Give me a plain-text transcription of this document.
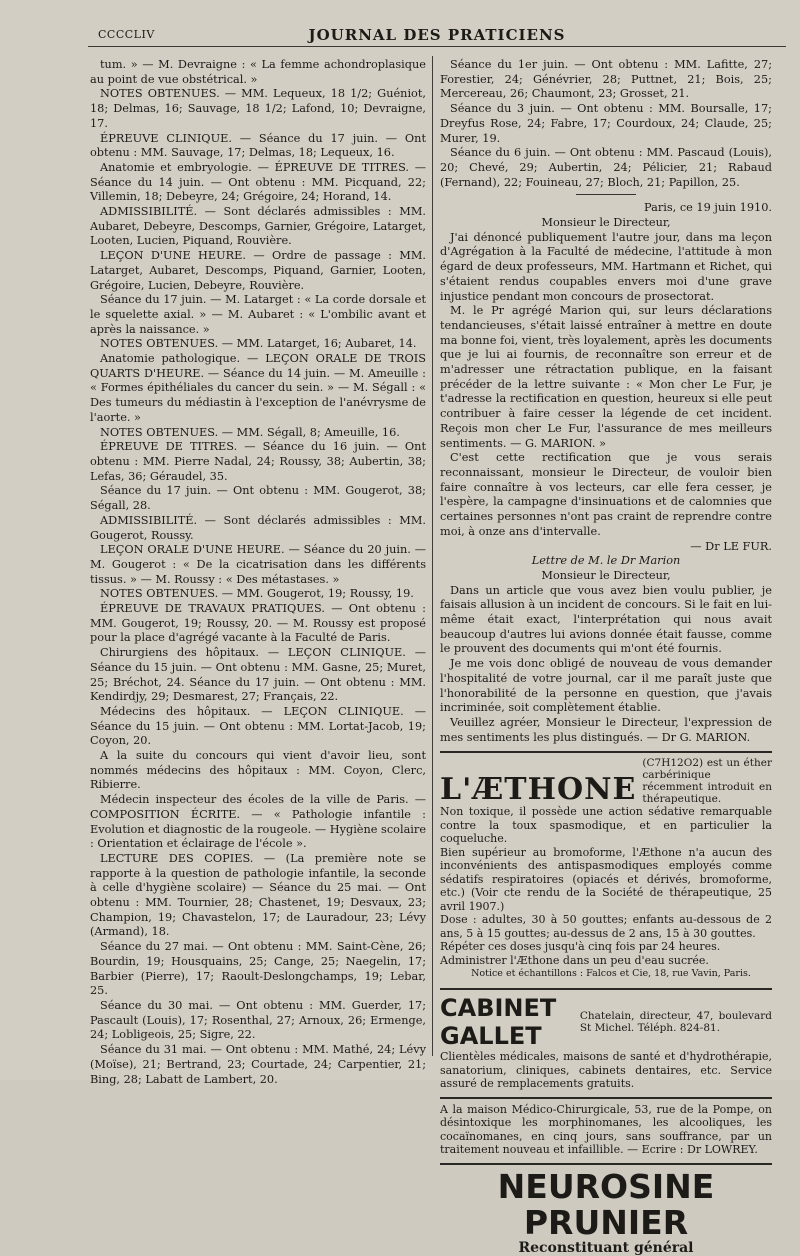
CCCCLIV	JOURNAL DES PRATICIENS

tum. » — M. Devraigne : « La femme achondroplasique au point de vue obstétrical. »

NOTES OBTENUES. — MM. Lequeux, 18 1/2; Guéniot, 18; Delmas, 16; Sauvage, 18 1/2; Lafond, 10; Devraigne, 17.

ÉPREUVE CLINIQUE. — Séance du 17 juin. — Ont obtenu : MM. Sauvage, 17; Delmas, 18; Lequeux, 16.

Anatomie et embryologie. — ÉPREUVE DE TITRES. — Séance du 14 juin. — Ont obtenu : MM. Picquand, 22; Villemin, 18; Debeyre, 24; Grégoire, 24; Horand, 14.

ADMISSIBILITÉ. — Sont déclarés admissibles : MM. Aubaret, Debeyre, Descomps, Garnier, Grégoire, Latarget, Looten, Lucien, Piquand, Rouvière.

LEÇON D'UNE HEURE. — Ordre de passage : MM. Latarget, Aubaret, Descomps, Piquand, Garnier, Looten, Grégoire, Lucien, Debeyre, Rouvière.

Séance du 17 juin. — M. Latarget : « La corde dorsale et le squelette axial. » — M. Aubaret : « L'ombilic avant et après la naissance. »

NOTES OBTENUES. — MM. Latarget, 16; Aubaret, 14.

Anatomie pathologique. — LEÇON ORALE DE TROIS QUARTS D'HEURE. — Séance du 14 juin. — M. Ameuille : « Formes épithéliales du cancer du sein. » — M. Ségall : « Des tumeurs du médiastin à l'exception de l'anévrysme de l'aorte. »

NOTES OBTENUES. — MM. Ségall, 8; Ameuille, 16.

ÉPREUVE DE TITRES. — Séance du 16 juin. — Ont obtenu : MM. Pierre Nadal, 24; Roussy, 38; Aubertin, 38; Lefas, 36; Géraudel, 35.

Séance du 17 juin. — Ont obtenu : MM. Gougerot, 38; Ségall, 28.

ADMISSIBILITÉ. — Sont déclarés admissibles : MM. Gougerot, Roussy.

LEÇON ORALE D'UNE HEURE. — Séance du 20 juin. — M. Gougerot : « De la cicatrisation dans les différents tissus. » — M. Roussy : « Des métastases. »

NOTES OBTENUES. — MM. Gougerot, 19; Roussy, 19.

ÉPREUVE DE TRAVAUX PRATIQUES. — Ont obtenu : MM. Gougerot, 19; Roussy, 20. — M. Roussy est proposé pour la place d'agrégé vacante à la Faculté de Paris.

Chirurgiens des hôpitaux. — LEÇON CLINIQUE. — Séance du 15 juin. — Ont obtenu : MM. Gasne, 25; Muret, 25; Bréchot, 24. Séance du 17 juin. — Ont obtenu : MM. Kendirdjy, 29; Desmarest, 27; Français, 22.

Médecins des hôpitaux. — LEÇON CLINIQUE. — Séance du 15 juin. — Ont obtenu : MM. Lortat-Jacob, 19; Coyon, 20.

A la suite du concours qui vient d'avoir lieu, sont nommés médecins des hôpitaux : MM. Coyon, Clerc, Ribierre.

Médecin inspecteur des écoles de la ville de Paris. — COMPOSITION ÉCRITE. — « Pathologie infantile : Evolution et diagnostic de la rougeole. — Hygiène scolaire : Orientation et éclairage de l'école ».

LECTURE DES COPIES. — (La première note se rapporte à la question de pathologie infantile, la seconde à celle d'hygiène scolaire) — Séance du 25 mai. — Ont obtenu : MM. Tournier, 28; Chastenet, 19; Desvaux, 23; Champion, 19; Chavastelon, 17; de Lauradour, 23; Lévy (Armand), 18.

Séance du 27 mai. — Ont obtenu : MM. Saint-Cène, 26; Bourdin, 19; Housquains, 25; Cange, 25; Naegelin, 17; Barbier (Pierre), 17; Raoult-Deslongchamps, 19; Lebar, 25.

Séance du 30 mai. — Ont obtenu : MM. Guerder, 17; Pascault (Louis), 17; Rosenthal, 27; Arnoux, 26; Ermenge, 24; Lobligeois, 25; Sigre, 22.

Séance du 31 mai. — Ont obtenu : MM. Mathé, 24; Lévy (Moïse), 21; Bertrand, 23; Courtade, 24; Carpentier, 21; Bing, 28; Labatt de Lambert, 20.

Séance du 1er juin. — Ont obtenu : MM. Lafitte, 27; Forestier, 24; Génévrier, 28; Puttnet, 21; Bois, 25; Mercereau, 26; Chaumont, 23; Grosset, 21.

Séance du 3 juin. — Ont obtenu : MM. Boursalle, 17; Dreyfus Rose, 24; Fabre, 17; Courdoux, 24; Claude, 25; Murer, 19.

Séance du 6 juin. — Ont obtenu : MM. Pascaud (Louis), 20; Chevé, 29; Aubertin, 24; Pélicier, 21; Rabaud (Fernand), 22; Fouineau, 27; Bloch, 21; Papillon, 25.

Paris, ce 19 juin 1910.

Monsieur le Directeur,

J'ai dénoncé publiquement l'autre jour, dans ma leçon d'Agrégation à la Faculté de médecine, l'attitude à mon égard de deux professeurs, MM. Hartmann et Richet, qui s'étaient rendus coupables envers moi d'une grave injustice pendant mon concours de prosectorat.

M. le Pr agrégé Marion qui, sur leurs déclarations tendancieuses, s'était laissé entraîner à mettre en doute ma bonne foi, vient, très loyalement, après les documents que je lui ai fournis, de reconnaître son erreur et de m'adresser une rétractation publique, en la faisant précéder de la lettre suivante : « Mon cher Le Fur, je t'adresse la rectification en question, heureux si elle peut contribuer à faire cesser la légende de cet incident. Reçois mon cher Le Fur, l'assurance de mes meilleurs sentiments. — G. MARION. »

C'est cette rectification que je vous serais reconnaissant, monsieur le Directeur, de vouloir bien faire connaître à vos lecteurs, car elle fera cesser, je l'espère, la campagne d'insinuations et de calomnies que certaines personnes n'ont pas craint de reprendre contre moi, à onze ans d'intervalle.

— Dr LE FUR.

Lettre de M. le Dr Marion

Monsieur le Directeur,

Dans un article que vous avez bien voulu publier, je faisais allusion à un incident de concours. Si le fait en lui-même était exact, l'interprétation qui nous avait beaucoup d'autres lui avions donnée était fausse, comme le prouvent des documents qui m'ont été fournis.

Je me vois donc obligé de nouveau de vous demander l'hospitalité de votre journal, car il me paraît juste que l'honorabilité de la personne en question, que j'avais incriminée, soit complètement établie.

Veuillez agréer, Monsieur le Directeur, l'expression de mes sentiments les plus distingués. — Dr G. MARION.

L'ÆTHONE
(C7H12O2) est un éther carbérinique récemment introduit en thérapeutique.

Non toxique, il possède une action sédative remarquable contre la toux spasmodique, et en particulier la coqueluche.

Bien supérieur au bromoforme, l'Æthone n'a aucun des inconvénients des antispasmodiques employés comme sédatifs respiratoires (opiacés et dérivés, bromoforme, etc.) (Voir cte rendu de la Société de thérapeutique, 25 avril 1907.)

Dose : adultes, 30 à 50 gouttes; enfants au-dessous de 2 ans, 5 à 15 gouttes; au-dessus de 2 ans, 15 à 30 gouttes.

Répéter ces doses jusqu'à cinq fois par 24 heures.

Administrer l'Æthone dans un peu d'eau sucrée.

Notice et échantillons : Falcos et Cie, 18, rue Vavin, Paris.

CABINET GALLET
Chatelain, directeur, 47, boulevard St Michel. Téléph. 824-81.

Clientèles médicales, maisons de santé et d'hydrothérapie, sanatorium, cliniques, cabinets dentaires, etc. Service assuré de remplacements gratuits.

A la maison Médico-Chirurgicale, 53, rue de la Pompe, on désintoxique les morphinomanes, les alcooliques, les cocaïnomanes, en cinq jours, sans souffrance, par un traitement nouveau et infaillible. — Ecrire : Dr LOWREY.

NEUROSINE PRUNIER
Reconstituant général
